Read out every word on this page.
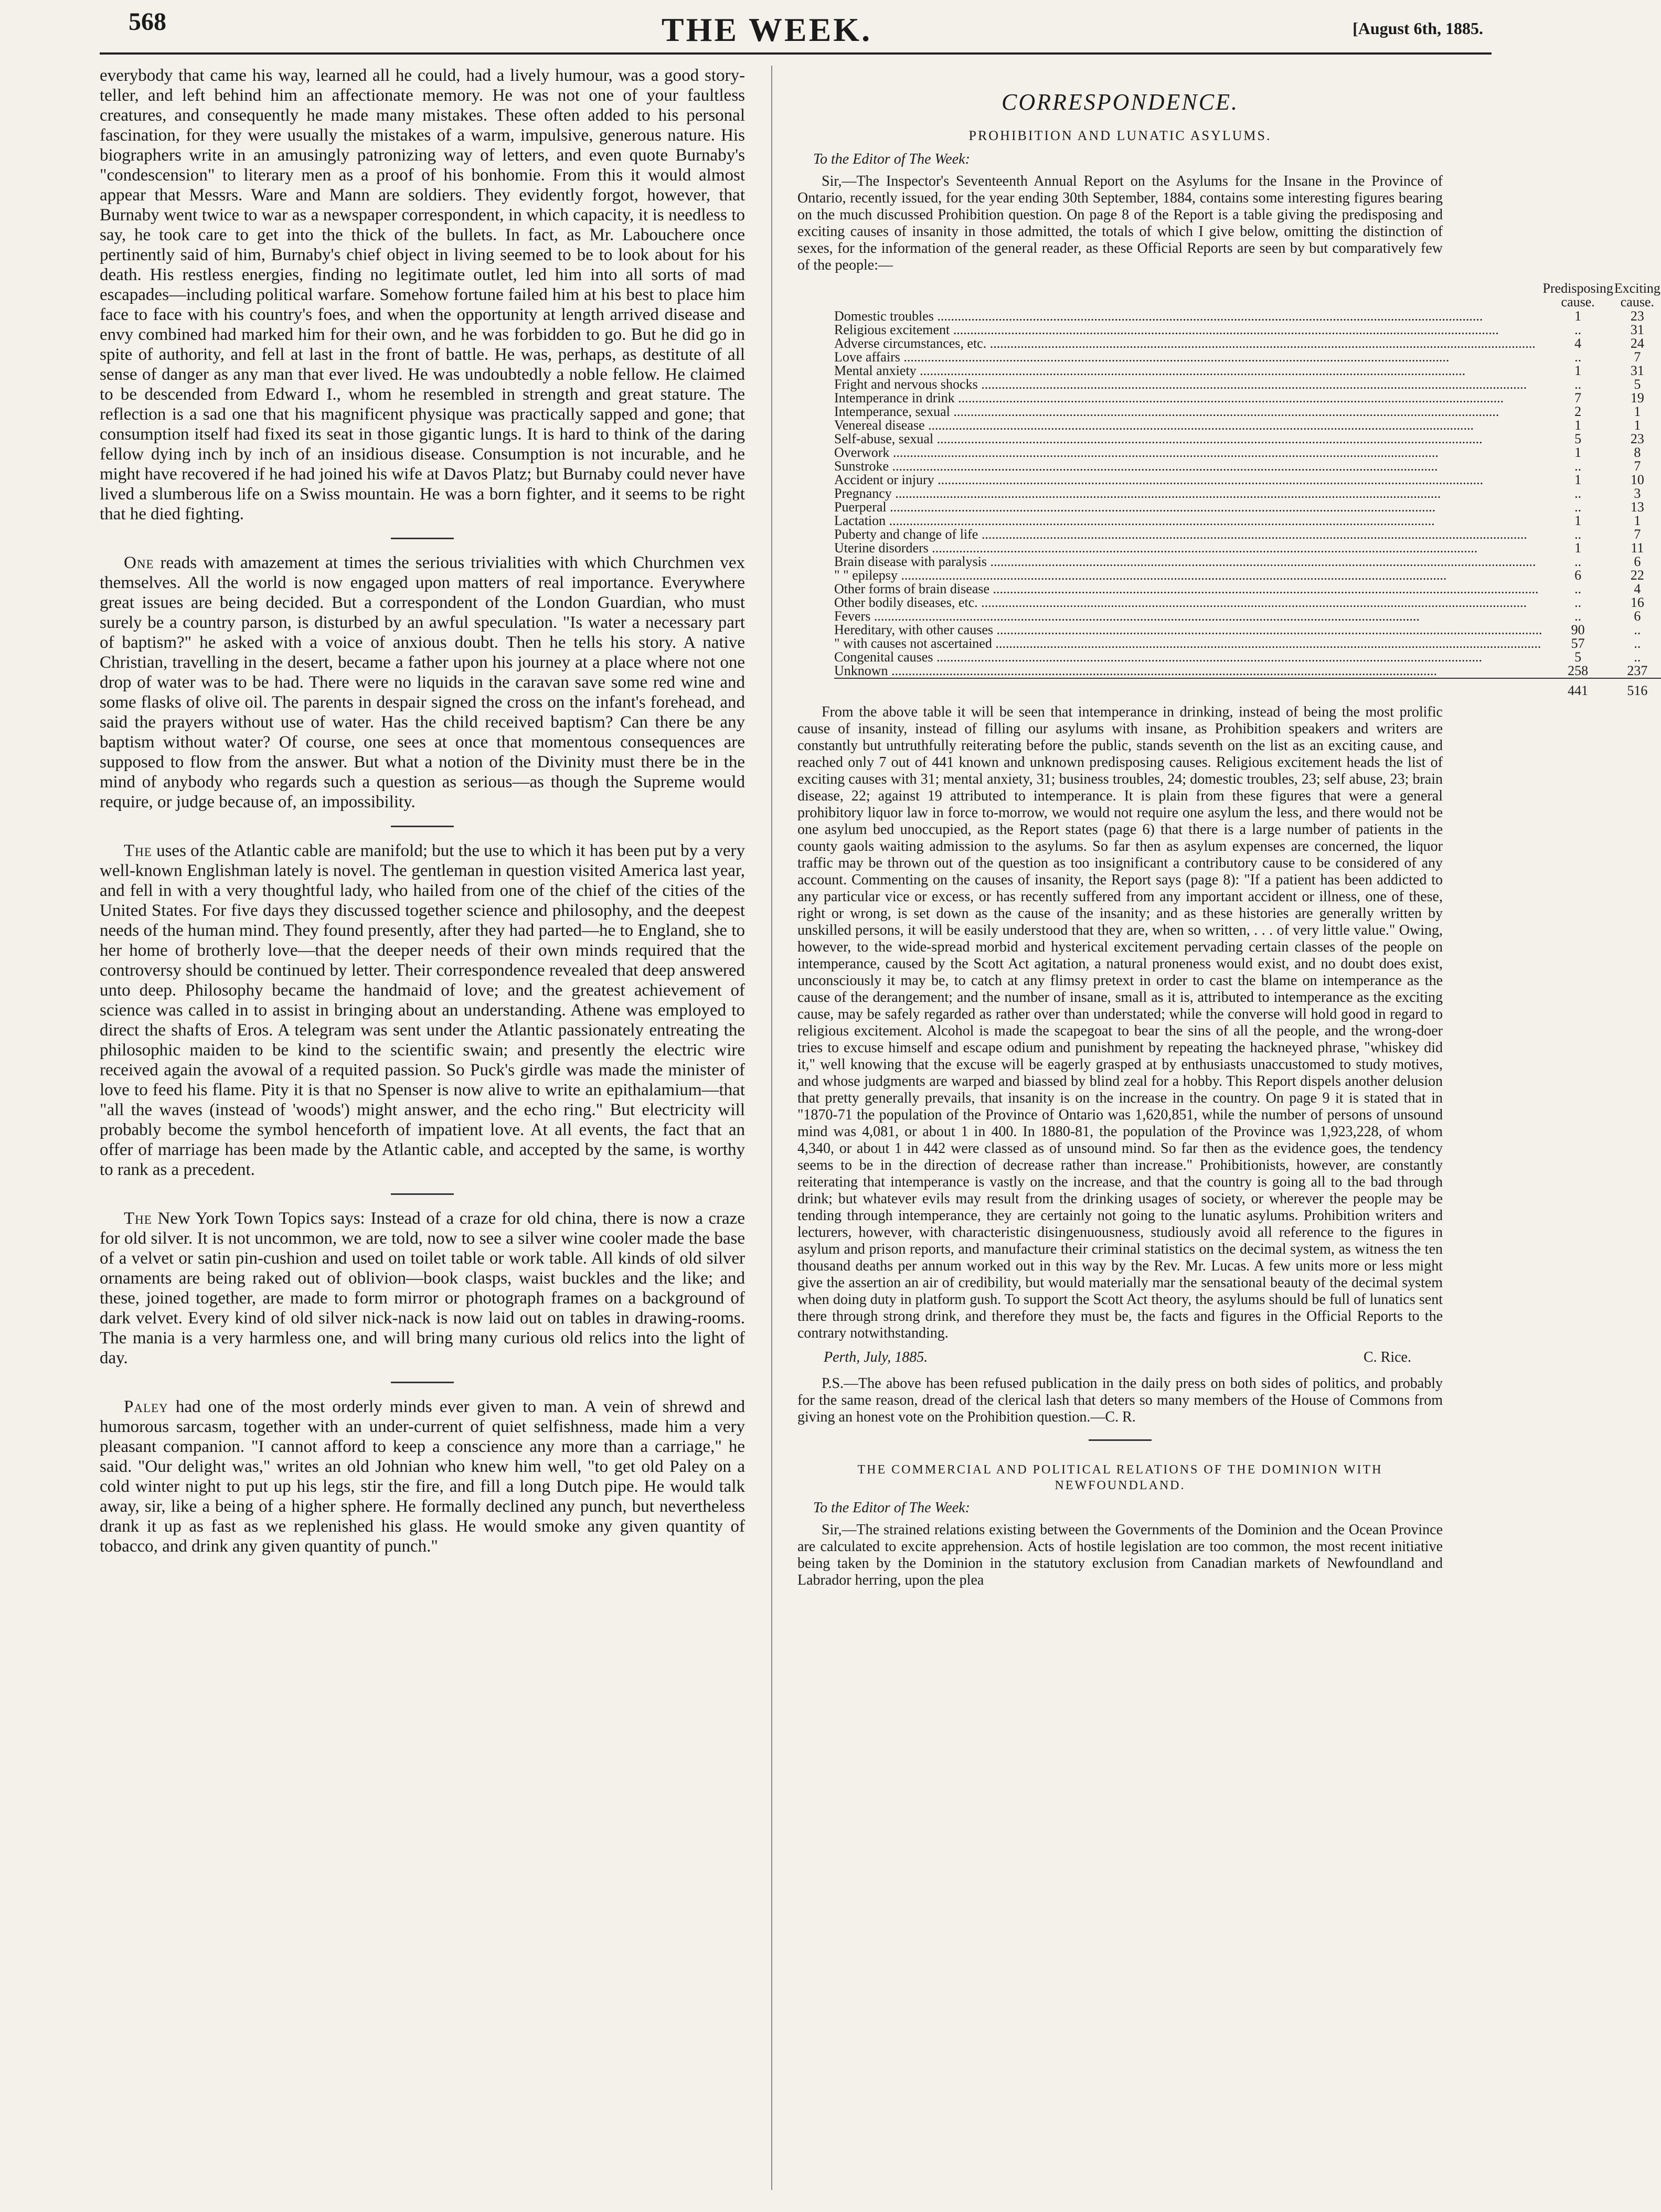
568	THE WEEK.	[August 6th, 1885.

everybody that came his way, learned all he could, had a lively humour, was a good story-teller, and left behind him an affectionate memory. He was not one of your faultless creatures, and consequently he made many mistakes. These often added to his personal fascination, for they were usually the mistakes of a warm, impulsive, generous nature. His biographers write in an amusingly patronizing way of letters, and even quote Burnaby's "condescension" to literary men as a proof of his bonhomie. From this it would almost appear that Messrs. Ware and Mann are soldiers. They evidently forgot, however, that Burnaby went twice to war as a newspaper correspondent, in which capacity, it is needless to say, he took care to get into the thick of the bullets. In fact, as Mr. Labouchere once pertinently said of him, Burnaby's chief object in living seemed to be to look about for his death. His restless energies, finding no legitimate outlet, led him into all sorts of mad escapades—including political warfare. Somehow fortune failed him at his best to place him face to face with his country's foes, and when the opportunity at length arrived disease and envy combined had marked him for their own, and he was forbidden to go. But he did go in spite of authority, and fell at last in the front of battle. He was, perhaps, as destitute of all sense of danger as any man that ever lived. He was undoubtedly a noble fellow. He claimed to be descended from Edward I., whom he resembled in strength and great stature. The reflection is a sad one that his magnificent physique was practically sapped and gone; that consumption itself had fixed its seat in those gigantic lungs. It is hard to think of the daring fellow dying inch by inch of an insidious disease. Consumption is not incurable, and he might have recovered if he had joined his wife at Davos Platz; but Burnaby could never have lived a slumberous life on a Swiss mountain. He was a born fighter, and it seems to be right that he died fighting.

One reads with amazement at times the serious trivialities with which Churchmen vex themselves. All the world is now engaged upon matters of real importance. Everywhere great issues are being decided. But a correspondent of the London Guardian, who must surely be a country parson, is disturbed by an awful speculation. "Is water a necessary part of baptism?" he asked with a voice of anxious doubt. Then he tells his story. A native Christian, travelling in the desert, became a father upon his journey at a place where not one drop of water was to be had. There were no liquids in the caravan save some red wine and some flasks of olive oil. The parents in despair signed the cross on the infant's forehead, and said the prayers without use of water. Has the child received baptism? Can there be any baptism without water? Of course, one sees at once that momentous consequences are supposed to flow from the answer. But what a notion of the Divinity must there be in the mind of anybody who regards such a question as serious—as though the Supreme would require, or judge because of, an impossibility.

The uses of the Atlantic cable are manifold; but the use to which it has been put by a very well-known Englishman lately is novel. The gentleman in question visited America last year, and fell in with a very thoughtful lady, who hailed from one of the chief of the cities of the United States. For five days they discussed together science and philosophy, and the deepest needs of the human mind. They found presently, after they had parted—he to England, she to her home of brotherly love—that the deeper needs of their own minds required that the controversy should be continued by letter. Their correspondence revealed that deep answered unto deep. Philosophy became the handmaid of love; and the greatest achievement of science was called in to assist in bringing about an understanding. Athene was employed to direct the shafts of Eros. A telegram was sent under the Atlantic passionately entreating the philosophic maiden to be kind to the scientific swain; and presently the electric wire received again the avowal of a requited passion. So Puck's girdle was made the minister of love to feed his flame. Pity it is that no Spenser is now alive to write an epithalamium—that "all the waves (instead of 'woods') might answer, and the echo ring." But electricity will probably become the symbol henceforth of impatient love. At all events, the fact that an offer of marriage has been made by the Atlantic cable, and accepted by the same, is worthy to rank as a precedent.

The New York Town Topics says: Instead of a craze for old china, there is now a craze for old silver. It is not uncommon, we are told, now to see a silver wine cooler made the base of a velvet or satin pin-cushion and used on toilet table or work table. All kinds of old silver ornaments are being raked out of oblivion—book clasps, waist buckles and the like; and these, joined together, are made to form mirror or photograph frames on a background of dark velvet. Every kind of old silver nick-nack is now laid out on tables in drawing-rooms. The mania is a very harmless one, and will bring many curious old relics into the light of day.

Paley had one of the most orderly minds ever given to man. A vein of shrewd and humorous sarcasm, together with an under-current of quiet selfishness, made him a very pleasant companion. "I cannot afford to keep a conscience any more than a carriage," he said. "Our delight was," writes an old Johnian who knew him well, "to get old Paley on a cold winter night to put up his legs, stir the fire, and fill a long Dutch pipe. He would talk away, sir, like a being of a higher sphere. He formally declined any punch, but nevertheless drank it up as fast as we replenished his glass. He would smoke any given quantity of tobacco, and drink any given quantity of punch."

CORRESPONDENCE.
PROHIBITION AND LUNATIC ASYLUMS.
To the Editor of The Week:

Sir,—The Inspector's Seventeenth Annual Report on the Asylums for the Insane in the Province of Ontario, recently issued, for the year ending 30th September, 1884, contains some interesting figures bearing on the much discussed Prohibition question. On page 8 of the Report is a table giving the predisposing and exciting causes of insanity in those admitted, the totals of which I give below, omitting the distinction of sexes, for the information of the general reader, as these Official Reports are seen by but comparatively few of the people:—

	Predisposing cause.	Exciting cause.
Domestic troubles ................................................................................................................................................................	1	23
Religious excitement ................................................................................................................................................................	..	31
Adverse circumstances, etc. ................................................................................................................................................................	4	24
Love affairs ................................................................................................................................................................	..	7
Mental anxiety ................................................................................................................................................................	1	31
Fright and nervous shocks ................................................................................................................................................................	..	5
Intemperance in drink ................................................................................................................................................................	7	19
Intemperance, sexual ................................................................................................................................................................	2	1
Venereal disease ................................................................................................................................................................	1	1
Self-abuse, sexual ................................................................................................................................................................	5	23
Overwork ................................................................................................................................................................	1	8
Sunstroke ................................................................................................................................................................	..	7
Accident or injury ................................................................................................................................................................	1	10
Pregnancy ................................................................................................................................................................	..	3
Puerperal ................................................................................................................................................................	..	13
Lactation ................................................................................................................................................................	1	1
Puberty and change of life ................................................................................................................................................................	..	7
Uterine disorders ................................................................................................................................................................	1	11
Brain disease with paralysis ................................................................................................................................................................	..	6
" " epilepsy ................................................................................................................................................................	6	22
Other forms of brain disease ................................................................................................................................................................	..	4
Other bodily diseases, etc. ................................................................................................................................................................	..	16
Fevers ................................................................................................................................................................	..	6
Hereditary, with other causes ................................................................................................................................................................	90	..
" with causes not ascertained ................................................................................................................................................................	57	..
Congenital causes ................................................................................................................................................................	5	..
Unknown ................................................................................................................................................................	258	237
	441	516

From the above table it will be seen that intemperance in drinking, instead of being the most prolific cause of insanity, instead of filling our asylums with insane, as Prohibition speakers and writers are constantly but untruthfully reiterating before the public, stands seventh on the list as an exciting cause, and reached only 7 out of 441 known and unknown predisposing causes. Religious excitement heads the list of exciting causes with 31; mental anxiety, 31; business troubles, 24; domestic troubles, 23; self abuse, 23; brain disease, 22; against 19 attributed to intemperance. It is plain from these figures that were a general prohibitory liquor law in force to-morrow, we would not require one asylum the less, and there would not be one asylum bed unoccupied, as the Report states (page 6) that there is a large number of patients in the county gaols waiting admission to the asylums. So far then as asylum expenses are concerned, the liquor traffic may be thrown out of the question as too insignificant a contributory cause to be considered of any account. Commenting on the causes of insanity, the Report says (page 8): "If a patient has been addicted to any particular vice or excess, or has recently suffered from any important accident or illness, one of these, right or wrong, is set down as the cause of the insanity; and as these histories are generally written by unskilled persons, it will be easily understood that they are, when so written, . . . of very little value." Owing, however, to the wide-spread morbid and hysterical excitement pervading certain classes of the people on intemperance, caused by the Scott Act agitation, a natural proneness would exist, and no doubt does exist, unconsciously it may be, to catch at any flimsy pretext in order to cast the blame on intemperance as the cause of the derangement; and the number of insane, small as it is, attributed to intemperance as the exciting cause, may be safely regarded as rather over than understated; while the converse will hold good in regard to religious excitement. Alcohol is made the scapegoat to bear the sins of all the people, and the wrong-doer tries to excuse himself and escape odium and punishment by repeating the hackneyed phrase, "whiskey did it," well knowing that the excuse will be eagerly grasped at by enthusiasts unaccustomed to study motives, and whose judgments are warped and biassed by blind zeal for a hobby. This Report dispels another delusion that pretty generally prevails, that insanity is on the increase in the country. On page 9 it is stated that in "1870-71 the population of the Province of Ontario was 1,620,851, while the number of persons of unsound mind was 4,081, or about 1 in 400. In 1880-81, the population of the Province was 1,923,228, of whom 4,340, or about 1 in 442 were classed as of unsound mind. So far then as the evidence goes, the tendency seems to be in the direction of decrease rather than increase." Prohibitionists, however, are constantly reiterating that intemperance is vastly on the increase, and that the country is going all to the bad through drink; but whatever evils may result from the drinking usages of society, or wherever the people may be tending through intemperance, they are certainly not going to the lunatic asylums. Prohibition writers and lecturers, however, with characteristic disingenuousness, studiously avoid all reference to the figures in asylum and prison reports, and manufacture their criminal statistics on the decimal system, as witness the ten thousand deaths per annum worked out in this way by the Rev. Mr. Lucas. A few units more or less might give the assertion an air of credibility, but would materially mar the sensational beauty of the decimal system when doing duty in platform gush. To support the Scott Act theory, the asylums should be full of lunatics sent there through strong drink, and therefore they must be, the facts and figures in the Official Reports to the contrary notwithstanding.

Perth, July, 1885.	C. Rice.

P.S.—The above has been refused publication in the daily press on both sides of politics, and probably for the same reason, dread of the clerical lash that deters so many members of the House of Commons from giving an honest vote on the Prohibition question.—C. R.

THE COMMERCIAL AND POLITICAL RELATIONS OF THE DOMINION WITH NEWFOUNDLAND.
To the Editor of The Week:

Sir,—The strained relations existing between the Governments of the Dominion and the Ocean Province are calculated to excite apprehension. Acts of hostile legislation are too common, the most recent initiative being taken by the Dominion in the statutory exclusion from Canadian markets of Newfoundland and Labrador herring, upon the plea
